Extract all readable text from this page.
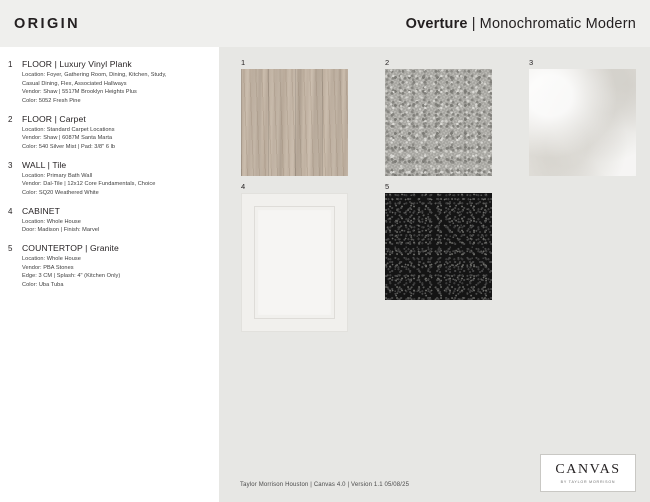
ORIGIN	Overture | Monochromatic Modern
1	FLOOR | Luxury Vinyl Plank
Location: Foyer, Gathering Room, Dining, Kitchen, Study,
Casual Dining, Flex, Associated Hallways
Vendor: Shaw | 5517M Brooklyn Heights Plus
Color: 5052 Fresh Pine
2	FLOOR | Carpet
Location: Standard Carpet Locations
Vendor: Shaw | 6087M Santa Marta
Color: 540 Silver Mist | Pad: 3/8" 6 lb
3	WALL | Tile
Location: Primary Bath Wall
Vendor: Dal-Tile | 12x12 Core Fundamentals, Choice
Color: SQ20 Weathered White
4	CABINET
Location: Whole House
Door: Madison | Finish: Marvel
5	COUNTERTOP | Granite
Location: Whole House
Vendor: PBA Stones
Edge: 3 CM | Splash: 4" (Kitchen Only)
Color: Uba Tuba
1	2	3
4	5
Taylor Morrison Houston | Canvas 4.0 | Version 1.1 05/08/25
CANVAS
BY TAYLOR MORRISON
